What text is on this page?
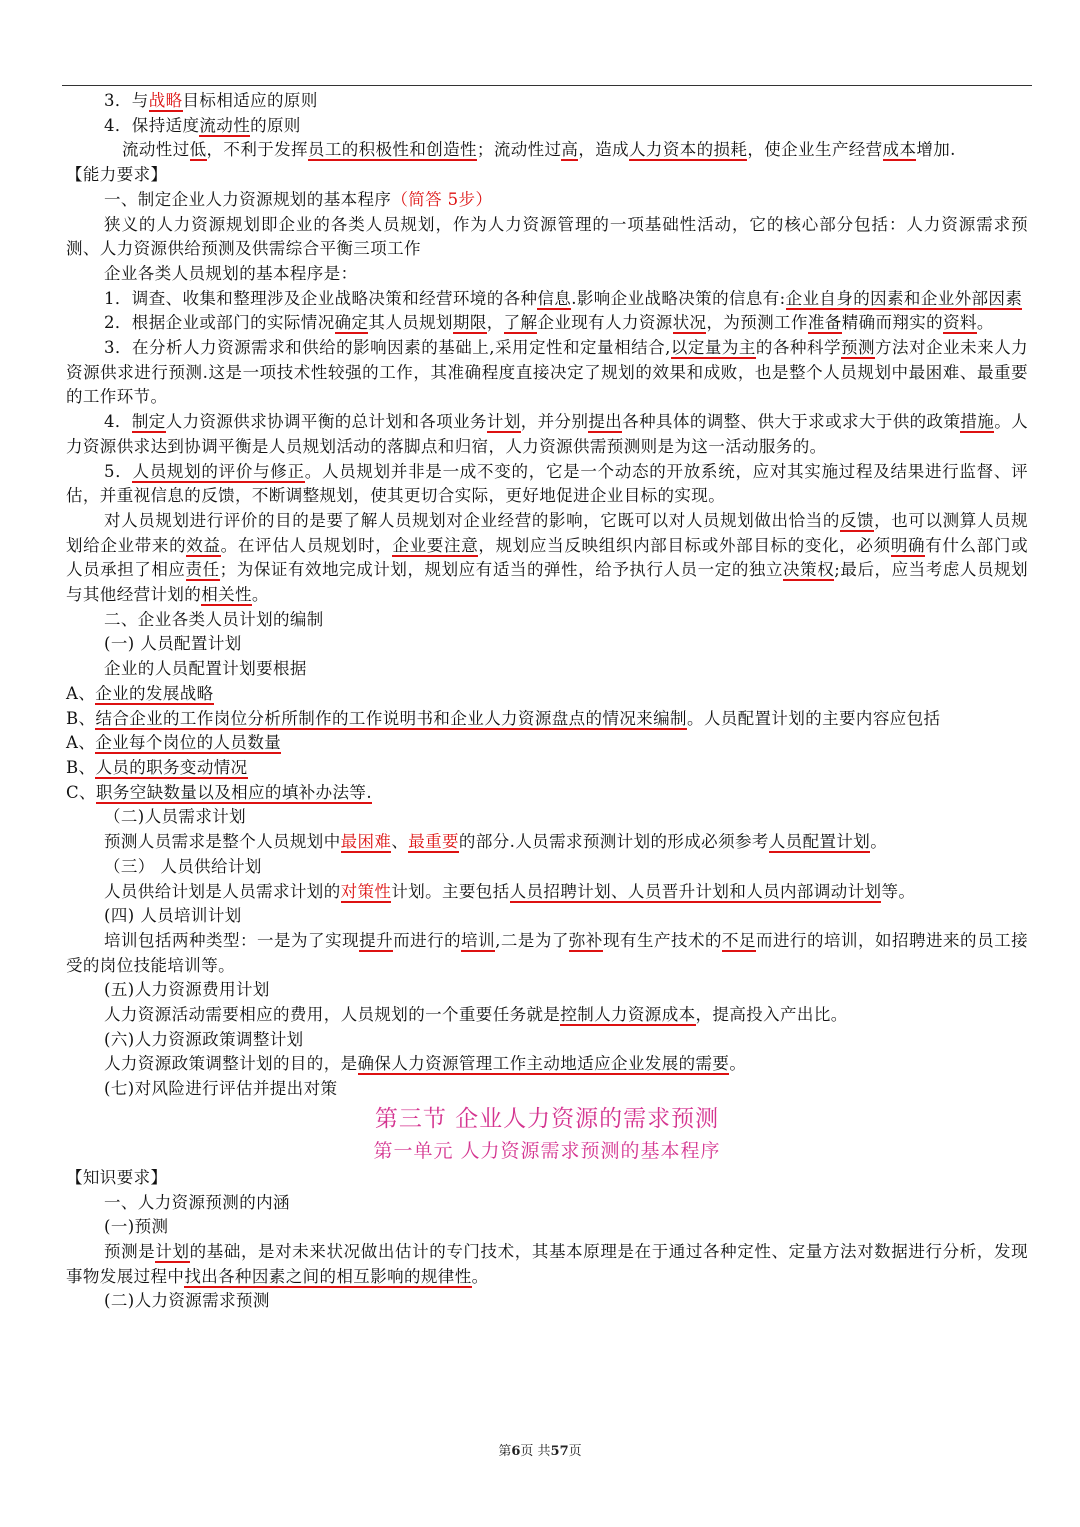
3．与战略目标相适应的原则

4．保持适度流动性的原则

流动性过低，不利于发挥员工的积极性和创造性；流动性过高，造成人力资本的损耗，使企业生产经营成本增加.

【能力要求】

一、制定企业人力资源规划的基本程序（简答 5步）

狭义的人力资源规划即企业的各类人员规划，作为人力资源管理的一项基础性活动，它的核心部分包括：人力资源需求预测、人力资源供给预测及供需综合平衡三项工作

企业各类人员规划的基本程序是：

1．调查、收集和整理涉及企业战略决策和经营环境的各种信息.影响企业战略决策的信息有:企业自身的因素和企业外部因素

2．根据企业或部门的实际情况确定其人员规划期限，了解企业现有人力资源状况，为预测工作准备精确而翔实的资料。

3．在分析人力资源需求和供给的影响因素的基础上,采用定性和定量相结合,以定量为主的各种科学预测方法对企业未来人力资源供求进行预测.这是一项技术性较强的工作，其准确程度直接决定了规划的效果和成败，也是整个人员规划中最困难、最重要的工作环节。

4．制定人力资源供求协调平衡的总计划和各项业务计划，并分别提出各种具体的调整、供大于求或求大于供的政策措施。人力资源供求达到协调平衡是人员规划活动的落脚点和归宿，人力资源供需预测则是为这一活动服务的。

5．人员规划的评价与修正。人员规划并非是一成不变的，它是一个动态的开放系统，应对其实施过程及结果进行监督、评估，并重视信息的反馈，不断调整规划，使其更切合实际，更好地促进企业目标的实现。

对人员规划进行评价的目的是要了解人员规划对企业经营的影响，它既可以对人员规划做出恰当的反馈，也可以测算人员规划给企业带来的效益。在评估人员规划时，企业要注意，规划应当反映组织内部目标或外部目标的变化，必须明确有什么部门或人员承担了相应责任；为保证有效地完成计划，规划应有适当的弹性，给予执行人员一定的独立决策权;最后，应当考虑人员规划与其他经营计划的相关性。

二、企业各类人员计划的编制

(一) 人员配置计划

企业的人员配置计划要根据

A、企业的发展战略

B、结合企业的工作岗位分析所制作的工作说明书和企业人力资源盘点的情况来编制。人员配置计划的主要内容应包括

A、企业每个岗位的人员数量

B、人员的职务变动情况

C、职务空缺数量以及相应的填补办法等.

（二)人员需求计划

预测人员需求是整个人员规划中最困难、最重要的部分.人员需求预测计划的形成必须参考人员配置计划。

（三） 人员供给计划

人员供给计划是人员需求计划的对策性计划。主要包括人员招聘计划、人员晋升计划和人员内部调动计划等。

(四) 人员培训计划

培训包括两种类型：一是为了实现提升而进行的培训,二是为了弥补现有生产技术的不足而进行的培训，如招聘进来的员工接受的岗位技能培训等。

(五)人力资源费用计划

人力资源活动需要相应的费用，人员规划的一个重要任务就是控制人力资源成本，提高投入产出比。

(六)人力资源政策调整计划

人力资源政策调整计划的目的，是确保人力资源管理工作主动地适应企业发展的需要。

(七)对风险进行评估并提出对策

第三节 企业人力资源的需求预测

第一单元 人力资源需求预测的基本程序

【知识要求】

一、人力资源预测的内涵

(一)预测

预测是计划的基础，是对未来状况做出估计的专门技术，其基本原理是在于通过各种定性、定量方法对数据进行分析，发现事物发展过程中找出各种因素之间的相互影响的规律性。

(二)人力资源需求预测

第6页 共57页
